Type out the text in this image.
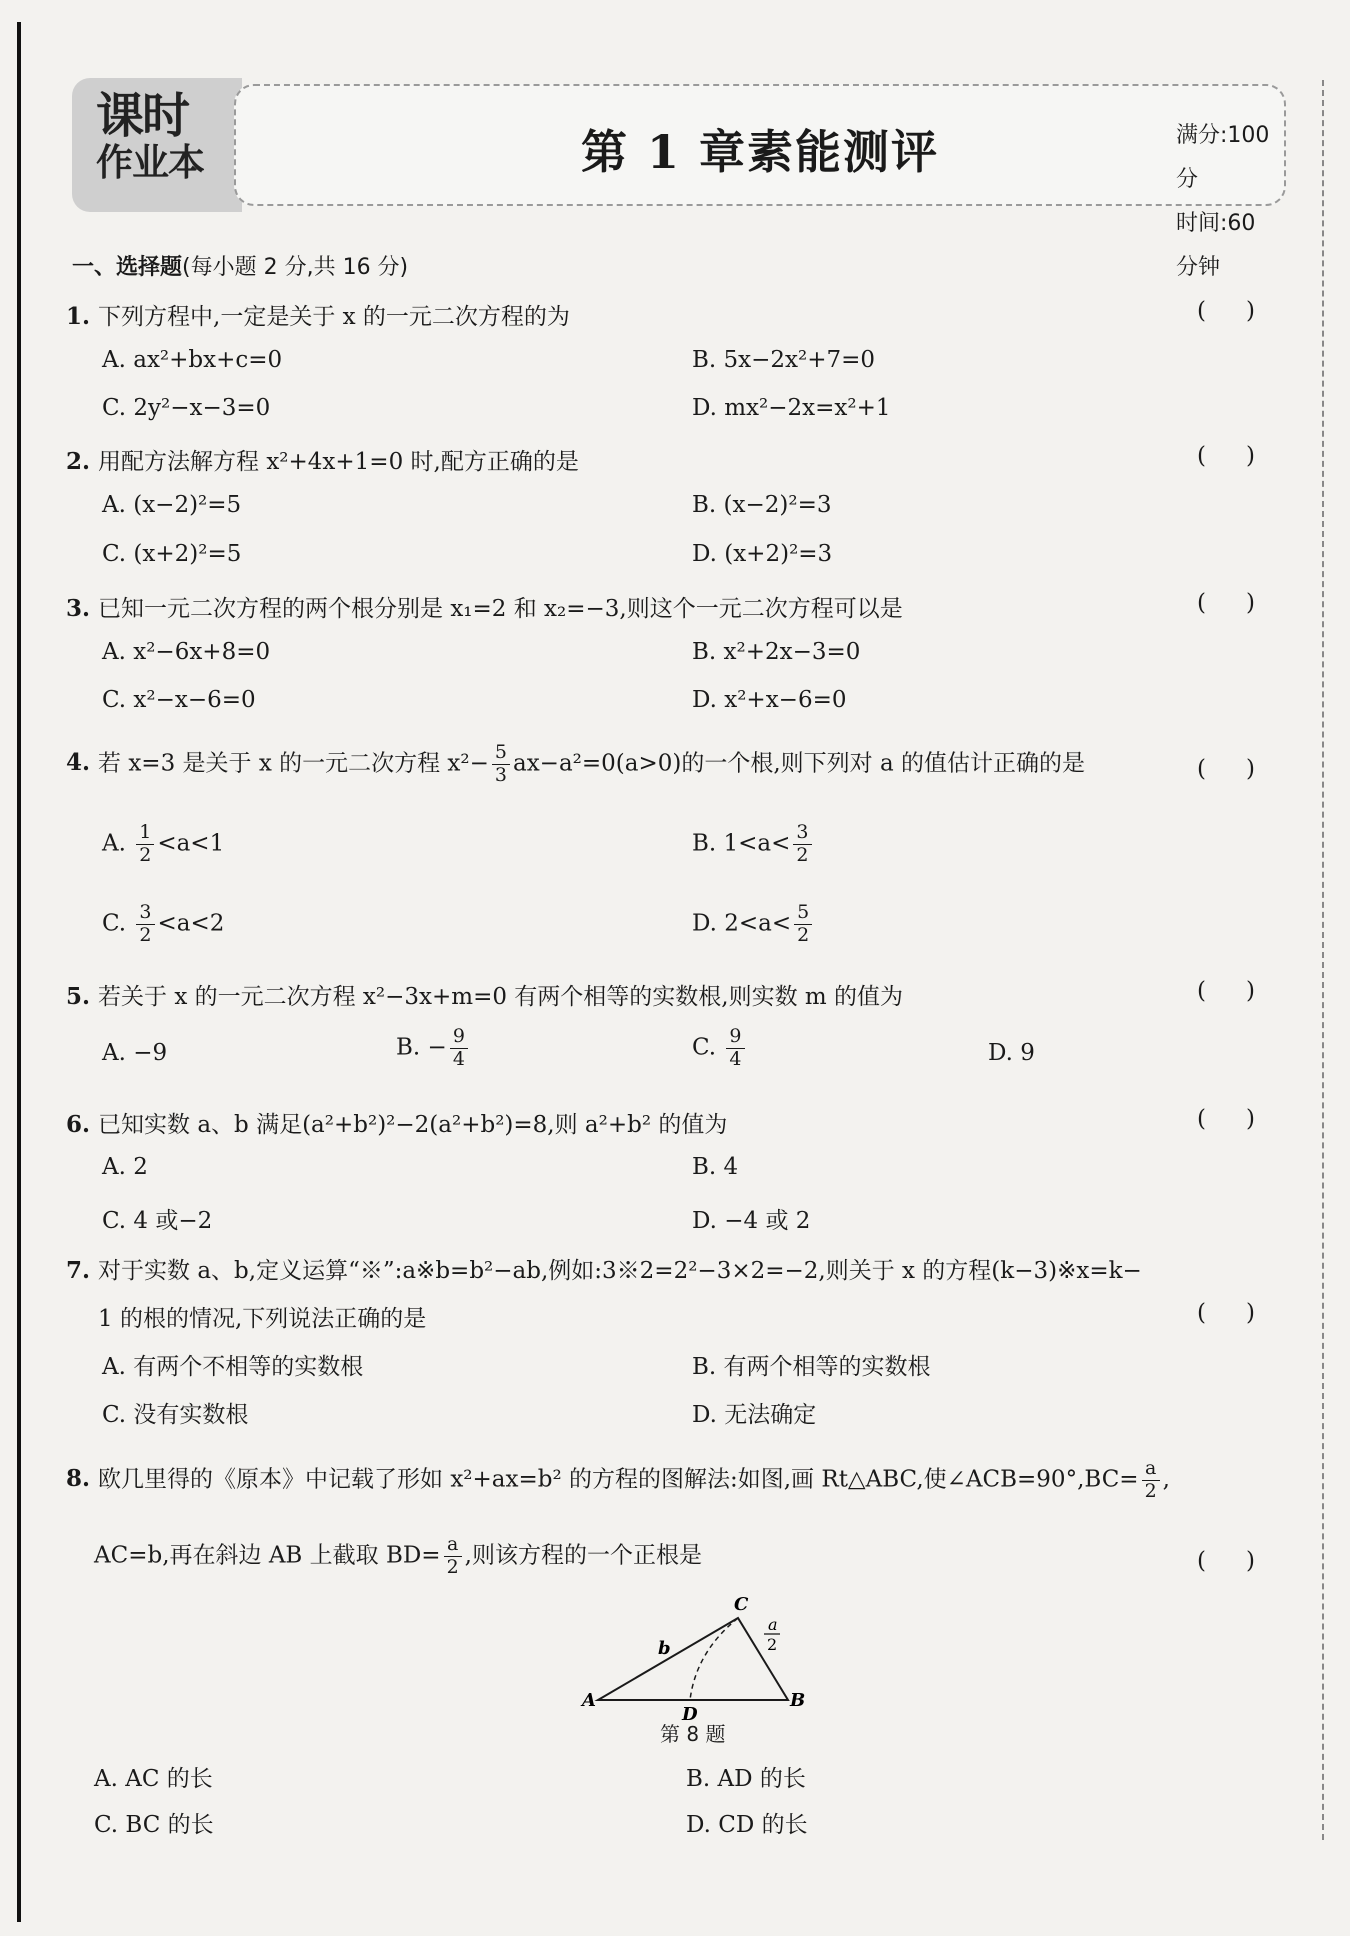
课时
作业本	第 1 章素能测评	满分:100 分
时间:60 分钟
一、选择题(每小题 2 分,共 16 分)
1. 下列方程中,一定是关于 x 的一元二次方程的为	()
A. ax²+bx+c=0	B. 5x−2x²+7=0
C. 2y²−x−3=0	D. mx²−2x=x²+1
2. 用配方法解方程 x²+4x+1=0 时,配方正确的是	()
A. (x−2)²=5	B. (x−2)²=3
C. (x+2)²=5	D. (x+2)²=3
3. 已知一元二次方程的两个根分别是 x₁=2 和 x₂=−3,则这个一元二次方程可以是	()
A. x²−6x+8=0	B. x²+2x−3=0
C. x²−x−6=0	D. x²+x−6=0
4. 若 x=3 是关于 x 的一元二次方程 $x^2- \frac{5}{3} ax-a^2=0(a>0)$的一个根,则下列对 a 的值估计正确的是	()
A. $\frac{1}{2} <a<1$	B. $1<a< \frac{3}{2}$
C. $\frac{3}{2} <a<2$	D. $2<a< \frac{5}{2}$
5. 若关于 x 的一元二次方程 x²−3x+m=0 有两个相等的实数根,则实数 m 的值为	()
A. −9	B. − $\frac{9}{4}$	C. $\frac{9}{4}$	D. 9
6. 已知实数 a、b 满足(a²+b²)²−2(a²+b²)=8,则 a²+b² 的值为	()
A. 2	B. 4
C. 4 或−2	D. −4 或 2
7. 对于实数 a、b,定义运算“※”:a※b=b²−ab,例如:3※2=2²−3×2=−2,则关于 x 的方程(k−3)※x=k−
1 的根的情况,下列说法正确的是	()
A. 有两个不相等的实数根	B. 有两个相等的实数根
C. 没有实数根	D. 无法确定
8. 欧几里得的《原本》中记载了形如 x²+ax=b² 的方程的图解法:如图,画 Rt△ABC,使∠ACB=90°,BC= $\frac{a}{2}$ ,
AC=b,再在斜边 AB 上截取 $BD= \frac{a}{2}$ ,则该方程的一个正根是	()
A	B
C
D
b
a
2
第 8 题
A. AC 的长	B. AD 的长
C. BC 的长	D. CD 的长
